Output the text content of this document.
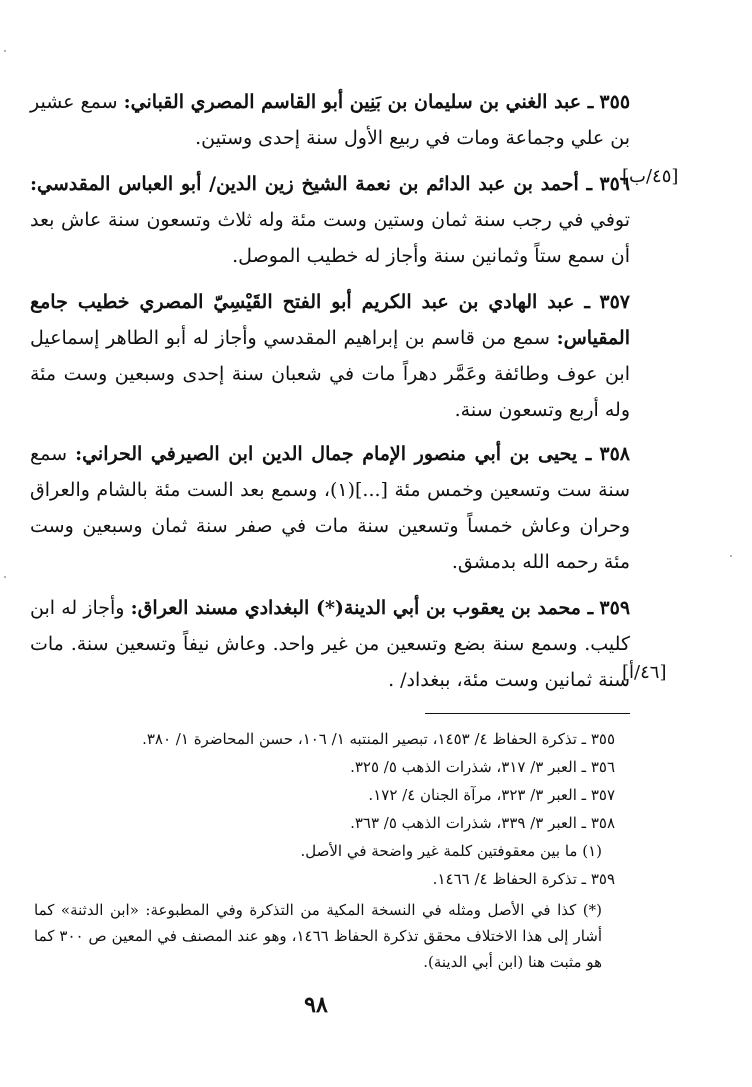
٣٥٥ ـ عبد الغني بن سليمان بن بَنِين أبو القاسم المصري القباني: سمع عشير بن علي وجماعة ومات في ربيع الأول سنة إحدى وستين.
٣٥٦ ـ أحمد بن عبد الدائم بن نعمة الشيخ زين الدين/ أبو العباس المقدسي: توفي في رجب سنة ثمان وستين وست مئة وله ثلاث وتسعون سنة عاش بعد أن سمع ستاً وثمانين سنة وأجاز له خطيب الموصل.
[٤٥/ب]
٣٥٧ ـ عبد الهادي بن عبد الكريم أبو الفتح القَيْسِيّ المصري خطيب جامع المقياس: سمع من قاسم بن إبراهيم المقدسي وأجاز له أبو الطاهر إسماعيل ابن عوف وطائفة وعَمَّر دهراً مات في شعبان سنة إحدى وسبعين وست مئة وله أربع وتسعون سنة.
٣٥٨ ـ يحيى بن أبي منصور الإمام جمال الدين ابن الصيرفي الحراني: سمع سنة ست وتسعين وخمس مئة [...](١)، وسمع بعد الست مئة بالشام والعراق وحران وعاش خمساً وتسعين سنة مات في صفر سنة ثمان وسبعين وست مئة رحمه الله بدمشق.
٣٥٩ ـ محمد بن يعقوب بن أبي الدينة(*) البغدادي مسند العراق: وأجاز له ابن كليب. وسمع سنة بضع وتسعين من غير واحد. وعاش نيفاً وتسعين سنة. مات سنة ثمانين وست مئة، ببغداد/ .
[٤٦/أ]
٣٥٥ ـ تذكرة الحفاظ ٤/ ١٤٥٣، تبصير المنتبه ١/ ١٠٦، حسن المحاضرة ١/ ٣٨٠.
٣٥٦ ـ العبر ٣/ ٣١٧، شذرات الذهب ٥/ ٣٢٥.
٣٥٧ ـ العبر ٣/ ٣٢٣، مرآة الجنان ٤/ ١٧٢.
٣٥٨ ـ العبر ٣/ ٣٣٩، شذرات الذهب ٥/ ٣٦٣.
(١) ما بين معقوفتين كلمة غير واضحة في الأصل.
٣٥٩ ـ تذكرة الحفاظ ٤/ ١٤٦٦.
(*) كذا في الأصل ومثله في النسخة المكية من التذكرة وفي المطبوعة: «ابن الدثنة» كما أشار إلى هذا الاختلاف محقق تذكرة الحفاظ ١٤٦٦، وهو عند المصنف في المعين ص ٣٠٠ كما هو مثبت هنا (ابن أبي الدينة).
٩٨
